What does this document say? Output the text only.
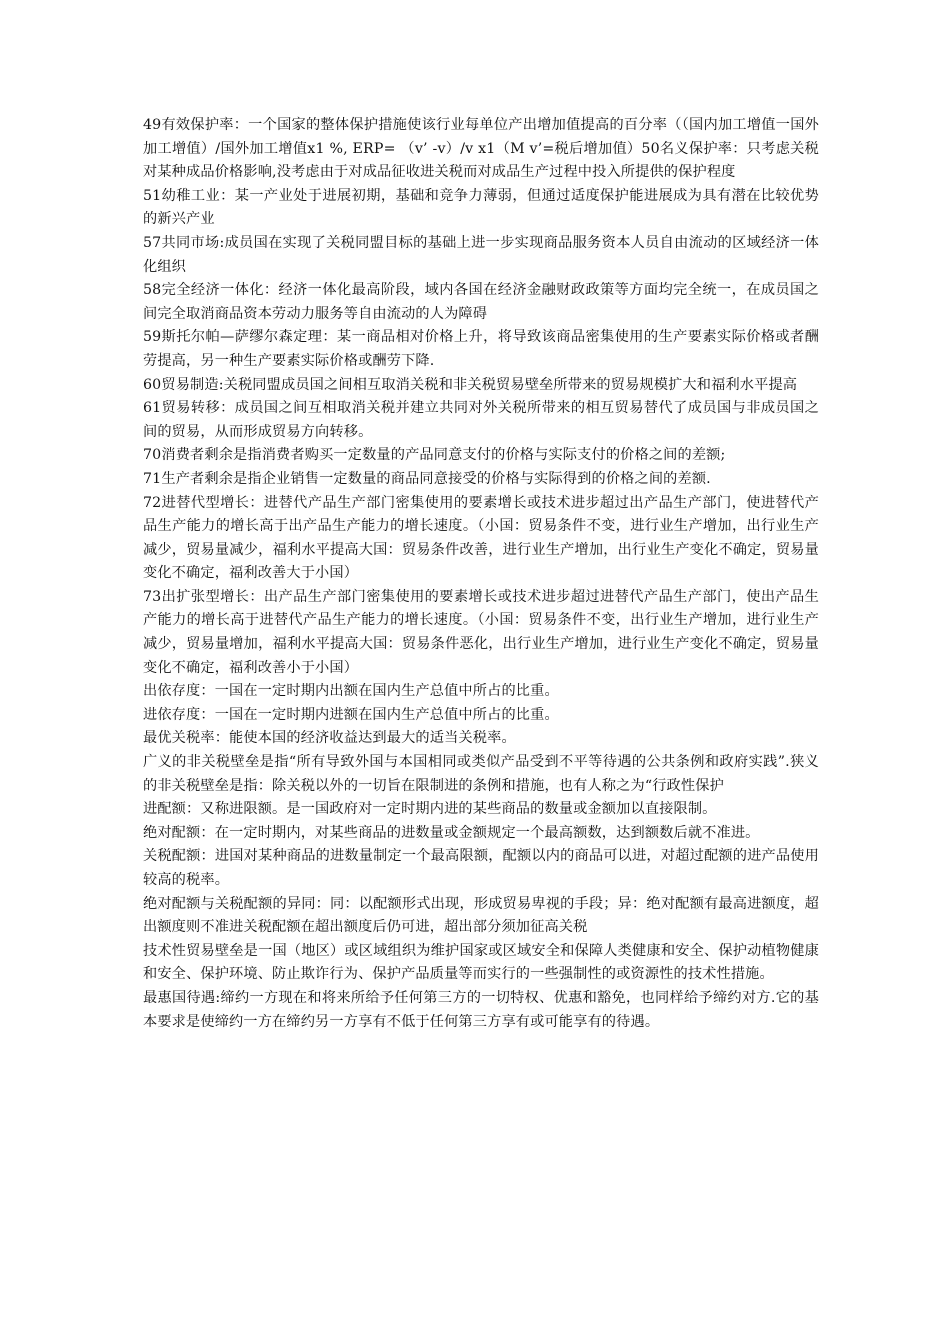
49有效保护率：一个国家的整体保护措施使该行业每单位产出增加值提高的百分率（（国内加工增值一国外加工增值）/国外加工增值x1 %, ERP= （v’ -v）/v x1（M v’=税后增加值）50名义保护率：只考虑关税对某种成品价格影响,没考虑由于对成品征收进关税而对成品生产过程中投入所提供的保护程度

51幼稚工业：某一产业处于进展初期，基础和竞争力薄弱，但通过适度保护能进展成为具有潜在比较优势的新兴产业

57共同市场:成员国在实现了关税同盟目标的基础上进一步实现商品服务资本人员自由流动的区域经济一体化组织

58完全经济一体化：经济一体化最高阶段，域内各国在经济金融财政政策等方面均完全统一，在成员国之间完全取消商品资本劳动力服务等自由流动的人为障碍

59斯托尔帕—萨缪尔森定理：某一商品相对价格上升，将导致该商品密集使用的生产要素实际价格或者酬劳提高，另一种生产要素实际价格或酬劳下降.

60贸易制造:关税同盟成员国之间相互取消关税和非关税贸易壁垒所带来的贸易规模扩大和福利水平提高

61贸易转移：成员国之间互相取消关税并建立共同对外关税所带来的相互贸易替代了成员国与非成员国之间的贸易，从而形成贸易方向转移。

70消费者剩余是指消费者购买一定数量的产品同意支付的价格与实际支付的价格之间的差额;

71生产者剩余是指企业销售一定数量的商品同意接受的价格与实际得到的价格之间的差额.

72进替代型增长：进替代产品生产部门密集使用的要素增长或技术进步超过出产品生产部门，使进替代产品生产能力的增长高于出产品生产能力的增长速度。（小国：贸易条件不变，进行业生产增加，出行业生产减少，贸易量减少，福利水平提高大国：贸易条件改善，进行业生产增加，出行业生产变化不确定，贸易量变化不确定，福利改善大于小国）

73出扩张型增长：出产品生产部门密集使用的要素增长或技术进步超过进替代产品生产部门，使出产品生产能力的增长高于进替代产品生产能力的增长速度。（小国：贸易条件不变，出行业生产增加，进行业生产减少，贸易量增加，福利水平提高大国：贸易条件恶化，出行业生产增加，进行业生产变化不确定，贸易量变化不确定，福利改善小于小国）

出依存度：一国在一定时期内出额在国内生产总值中所占的比重。

进依存度：一国在一定时期内进额在国内生产总值中所占的比重。

最优关税率：能使本国的经济收益达到最大的适当关税率。

广义的非关税壁垒是指“所有导致外国与本国相同或类似产品受到不平等待遇的公共条例和政府实践”.狭义的非关税壁垒是指：除关税以外的一切旨在限制进的条例和措施，也有人称之为“行政性保护

进配额：又称进限额。是一国政府对一定时期内进的某些商品的数量或金额加以直接限制。

绝对配额：在一定时期内，对某些商品的进数量或金额规定一个最高额数，达到额数后就不准进。

关税配额：进国对某种商品的进数量制定一个最高限额，配额以内的商品可以进，对超过配额的进产品使用较高的税率。

绝对配额与关税配额的异同：同：以配额形式出现，形成贸易卑视的手段；异：绝对配额有最高进额度，超出额度则不准进关税配额在超出额度后仍可进，超出部分须加征高关税

技术性贸易壁垒是一国（地区）或区域组织为维护国家或区域安全和保障人类健康和安全、保护动植物健康和安全、保护环境、防止欺诈行为、保护产品质量等而实行的一些强制性的或资源性的技术性措施。

最惠国待遇:缔约一方现在和将来所给予任何第三方的一切特权、优惠和豁免，也同样给予缔约对方.它的基本要求是使缔约一方在缔约另一方享有不低于任何第三方享有或可能享有的待遇。
